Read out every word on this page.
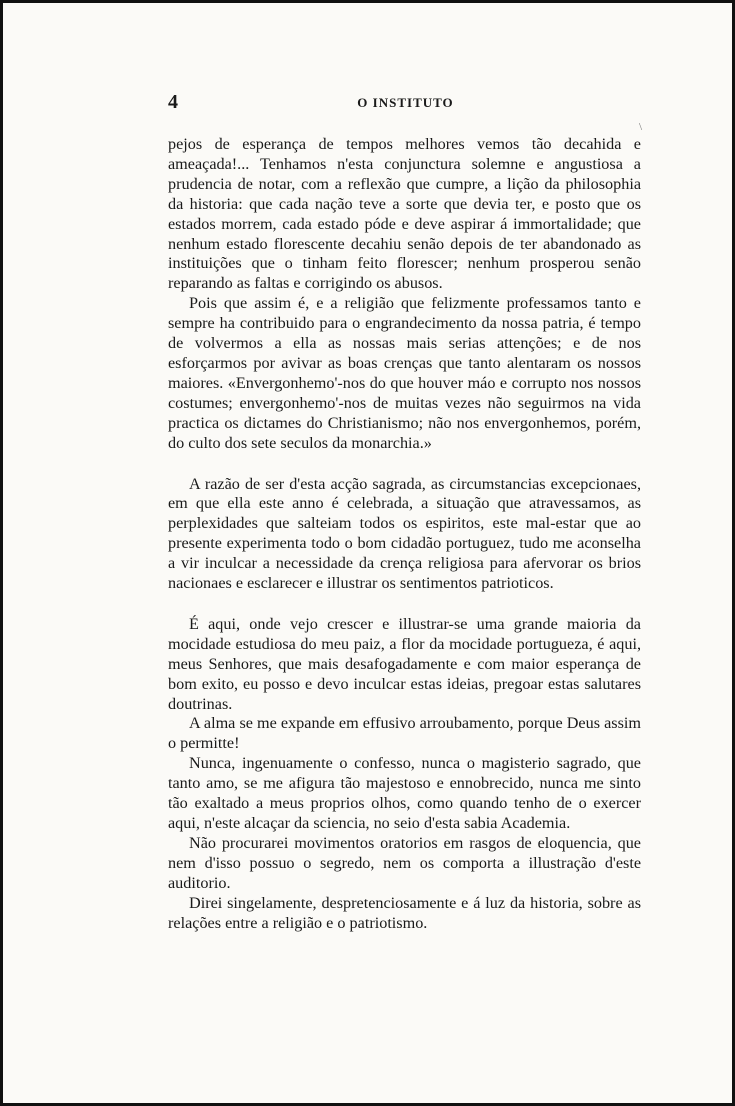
4	O INSTITUTO
\

pejos de esperança de tempos melhores vemos tão decahida e ameaçada!... Tenhamos n'esta conjunctura solemne e angustiosa a prudencia de notar, com a reflexão que cumpre, a lição da philosophia da historia: que cada nação teve a sorte que devia ter, e posto que os estados morrem, cada estado póde e deve aspirar á immortalidade; que nenhum estado florescente decahiu senão depois de ter abandonado as instituições que o tinham feito florescer; nenhum prosperou senão reparando as faltas e corrigindo os abusos.

Pois que assim é, e a religião que felizmente professamos tanto e sempre ha contribuido para o engrandecimento da nossa patria, é tempo de volvermos a ella as nossas mais serias attenções; e de nos esforçarmos por avivar as boas crenças que tanto alentaram os nossos maiores. «Envergonhemo'-nos do que houver máo e corrupto nos nossos costumes; envergonhemo'-nos de muitas vezes não seguirmos na vida practica os dictames do Christianismo; não nos envergonhemos, porém, do culto dos sete seculos da monarchia.»

A razão de ser d'esta acção sagrada, as circumstancias excepcionaes, em que ella este anno é celebrada, a situação que atravessamos, as perplexidades que salteiam todos os espiritos, este mal-estar que ao presente experimenta todo o bom cidadão portuguez, tudo me aconselha a vir inculcar a necessidade da crença religiosa para afervorar os brios nacionaes e esclarecer e illustrar os sentimentos patrioticos.

É aqui, onde vejo crescer e illustrar-se uma grande maioria da mocidade estudiosa do meu paiz, a flor da mocidade portugueza, é aqui, meus Senhores, que mais desafogadamente e com maior esperança de bom exito, eu posso e devo inculcar estas ideias, pregoar estas salutares doutrinas.

A alma se me expande em effusivo arroubamento, porque Deus assim o permitte!

Nunca, ingenuamente o confesso, nunca o magisterio sagrado, que tanto amo, se me afigura tão majestoso e ennobrecido, nunca me sinto tão exaltado a meus proprios olhos, como quando tenho de o exercer aqui, n'este alcaçar da sciencia, no seio d'esta sabia Academia.

Não procurarei movimentos oratorios em rasgos de eloquencia, que nem d'isso possuo o segredo, nem os comporta a illustração d'este auditorio.

Direi singelamente, despretenciosamente e á luz da historia, sobre as relações entre a religião e o patriotismo.
